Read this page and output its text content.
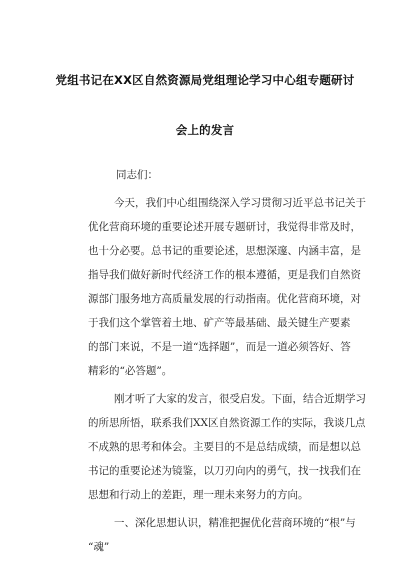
党组书记在XX区自然资源局党组理论学习中心组专题研讨
会上的发言
同志们：
今天，我们中心组围绕深入学习贯彻习近平总书记关于
优化营商环境的重要论述开展专题研讨，我觉得非常及时，
也十分必要。总书记的重要论述，思想深邃、内涵丰富，是
指导我们做好新时代经济工作的根本遵循，更是我们自然资
源部门服务地方高质量发展的行动指南。优化营商环境，对
于我们这个掌管着土地、矿产等最基础、最关键生产要素
的部门来说，不是一道“选择题”，而是一道必须答好、答
精彩的“必答题”。
刚才听了大家的发言，很受启发。下面，结合近期学习
的所思所悟，联系我们XX区自然资源工作的实际，我谈几点
不成熟的思考和体会。主要目的不是总结成绩，而是想以总
书记的重要论述为镜鉴，以刀刃向内的勇气，找一找我们在
思想和行动上的差距，理一理未来努力的方向。
一、深化思想认识，精准把握优化营商环境的“根”与
“魂”
